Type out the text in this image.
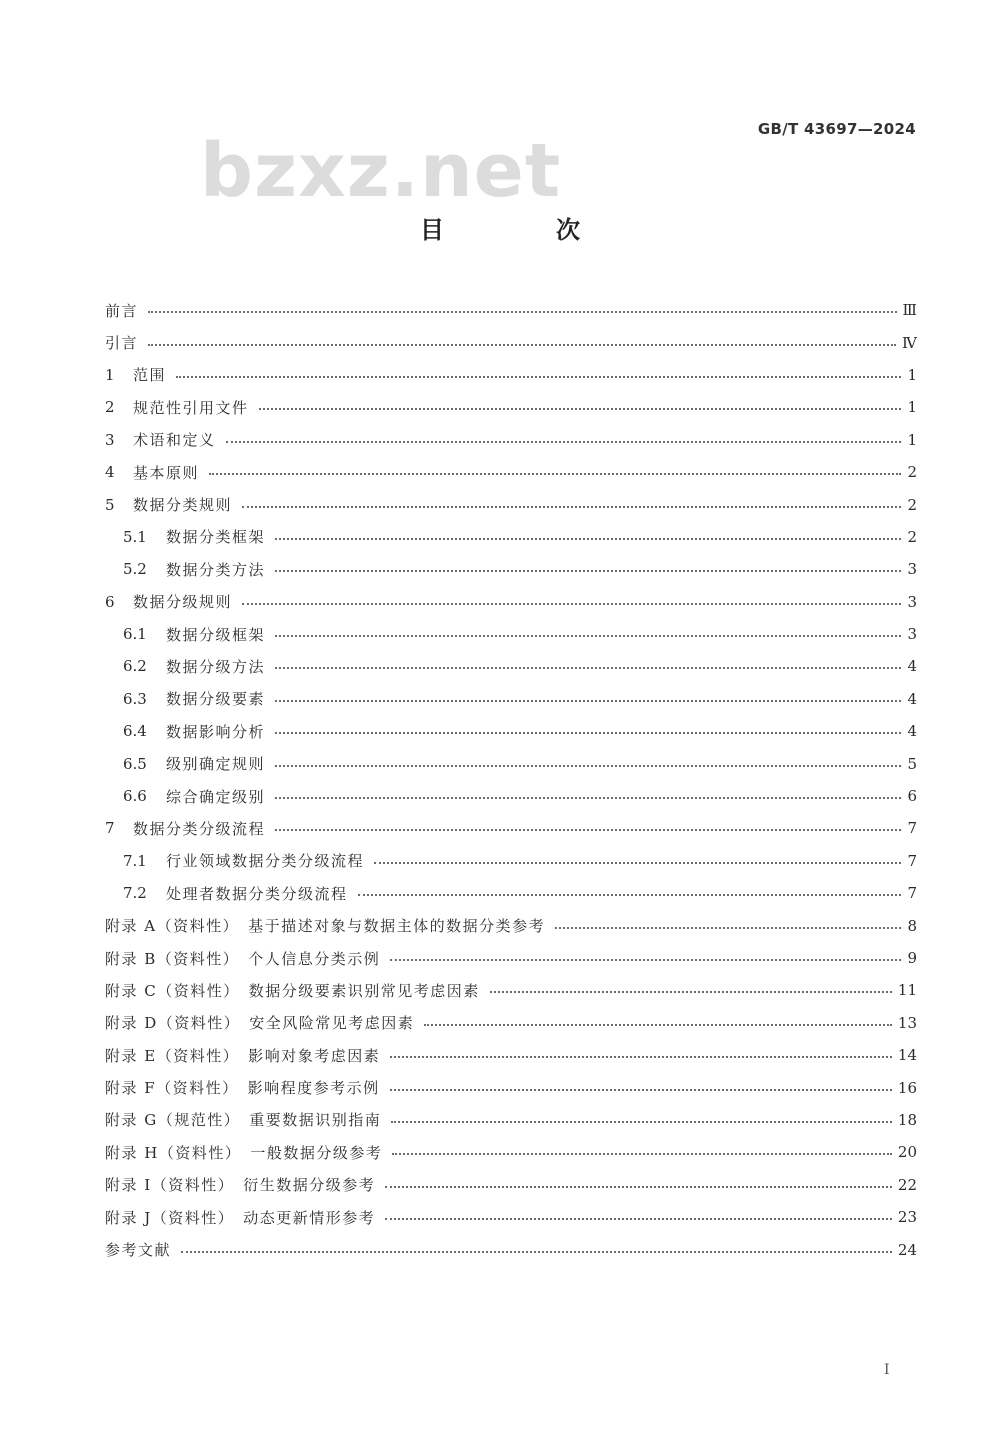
GB/T 43697—2024
bzxz.net
目　次
前言	Ⅲ
引言	Ⅳ
1	范围	1
2	规范性引用文件	1
3	术语和定义	1
4	基本原则	2
5	数据分类规则	2
5.1	数据分类框架	2
5.2	数据分类方法	3
6	数据分级规则	3
6.1	数据分级框架	3
6.2	数据分级方法	4
6.3	数据分级要素	4
6.4	数据影响分析	4
6.5	级别确定规则	5
6.6	综合确定级别	6
7	数据分类分级流程	7
7.1	行业领域数据分类分级流程	7
7.2	处理者数据分类分级流程	7
附录 A（资料性）　基于描述对象与数据主体的数据分类参考	8
附录 B（资料性）　个人信息分类示例	9
附录 C（资料性）　数据分级要素识别常见考虑因素	11
附录 D（资料性）　安全风险常见考虑因素	13
附录 E（资料性）　影响对象考虑因素	14
附录 F（资料性）　影响程度参考示例	16
附录 G（规范性）　重要数据识别指南	18
附录 H（资料性）　一般数据分级参考	20
附录 I（资料性）　衍生数据分级参考	22
附录 J（资料性）　动态更新情形参考	23
参考文献	24
I
